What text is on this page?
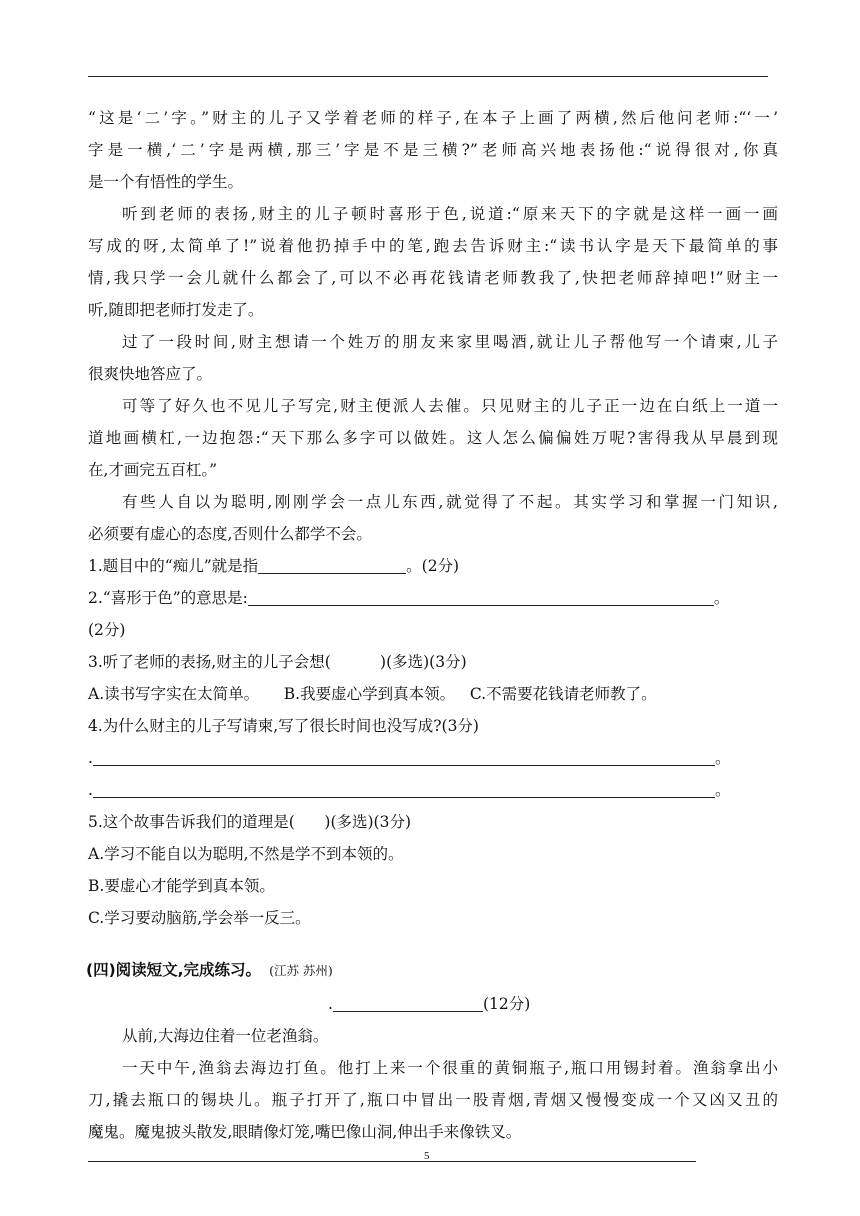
“这是‘二’字。”财主的儿子又学着老师的样子,在本子上画了两横,然后他问老师:“‘一’
字是一横,‘二’字是两横,那三’字是不是三横?”老师高兴地表扬他:“说得很对,你真
是一个有悟性的学生。
听到老师的表扬,财主的儿子顿时喜形于色,说道:“原来天下的字就是这样一画一画
写成的呀,太简单了!”说着他扔掉手中的笔,跑去告诉财主:“读书认字是天下最简单的事
情,我只学一会儿就什么都会了,可以不必再花钱请老师教我了,快把老师辞掉吧!”财主一
听,随即把老师打发走了。
过了一段时间,财主想请一个姓万的朋友来家里喝酒,就让儿子帮他写一个请柬,儿子
很爽快地答应了。
可等了好久也不见儿子写完,财主便派人去催。只见财主的儿子正一边在白纸上一道一
道地画横杠,一边抱怨:“天下那么多字可以做姓。这人怎么偏偏姓万呢?害得我从早晨到现
在,才画完五百杠。”
有些人自以为聪明,刚刚学会一点儿东西,就觉得了不起。其实学习和掌握一门知识,
必须要有虚心的态度,否则什么都学不会。
1.题目中的“痴儿”就是指	。(2分)
2.“喜形于色”的意思是:	。
(2分)
3.听了老师的表扬,财主的儿子会想(          )(多选)(3分)
A.读书写字实在太简单。     B.我要虚心学到真本领。   C.不需要花钱请老师教了。
4.为什么财主的儿子写请柬,写了很长时间也没写成?(3分)
.	。
.	。
5.这个故事告诉我们的道理是(      )(多选)(3分)
A.学习不能自以为聪明,不然是学不到本领的。
B.要虚心才能学到真本领。
C.学习要动脑筋,学会举一反三。
(四)阅读短文,完成练习。 (江苏 苏州)
.	(12分)
从前,大海边住着一位老渔翁。
一天中午,渔翁去海边打鱼。他打上来一个很重的黄铜瓶子,瓶口用锡封着。渔翁拿出小
刀,撬去瓶口的锡块儿。瓶子打开了,瓶口中冒出一股青烟,青烟又慢慢变成一个又凶又丑的
魔鬼。魔鬼披头散发,眼睛像灯笼,嘴巴像山洞,伸出手来像铁叉。
5
